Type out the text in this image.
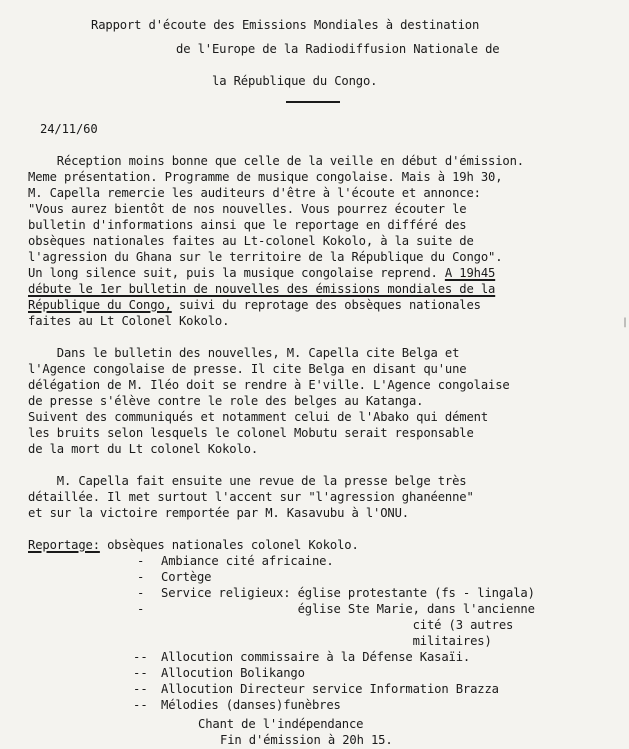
Rapport d'écoute des Emissions Mondiales à destination
de l'Europe de la Radiodiffusion Nationale de
la République du Congo.
24/11/60
Réception moins bonne que celle de la veille en début d'émission.
Meme présentation. Programme de musique congolaise. Mais à 19h 30,
M. Capella remercie les auditeurs d'être à l'écoute et annonce:
"Vous aurez bientôt de nos nouvelles. Vous pourrez écouter le
bulletin d'informations ainsi que le reportage en différé des
obsèques nationales faites au Lt-colonel Kokolo, à la suite de
l'agression du Ghana sur le territoire de la République du Congo".
Un long silence suit, puis la musique congolaise reprend. A 19h45
débute le 1er bulletin de nouvelles des émissions mondiales de la
République du Congo, suivi du reprotage des obsèques nationales
faites au Lt Colonel Kokolo.
Dans le bulletin des nouvelles, M. Capella cite Belga et
l'Agence congolaise de presse. Il cite Belga en disant qu'une
délégation de M. Iléo doit se rendre à E'ville. L'Agence congolaise
de presse s'élève contre le role des belges au Katanga.
Suivent des communiqués et notamment celui de l'Abako qui dément
les bruits selon lesquels le colonel Mobutu serait responsable
de la mort du Lt colonel Kokolo.
M. Capella fait ensuite une revue de la presse belge très
détaillée. Il met surtout l'accent sur "l'agression ghanéenne"
et sur la victoire remportée par M. Kasavubu à l'ONU.
Reportage: obsèques nationales colonel Kokolo.
- Ambiance cité africaine.
- Cortège
- Service religieux: église protestante (fs - lingala)
- église Ste Marie, dans l'ancienne
cité (3 autres
militaires)
-- Allocution commissaire à la Défense Kasaïi.
-- Allocution Bolikango
-- Allocution Directeur service Information Brazza
-- Mélodies (danses)funèbres
Chant de l'indépendance
Fin d'émission à 20h 15.
|
